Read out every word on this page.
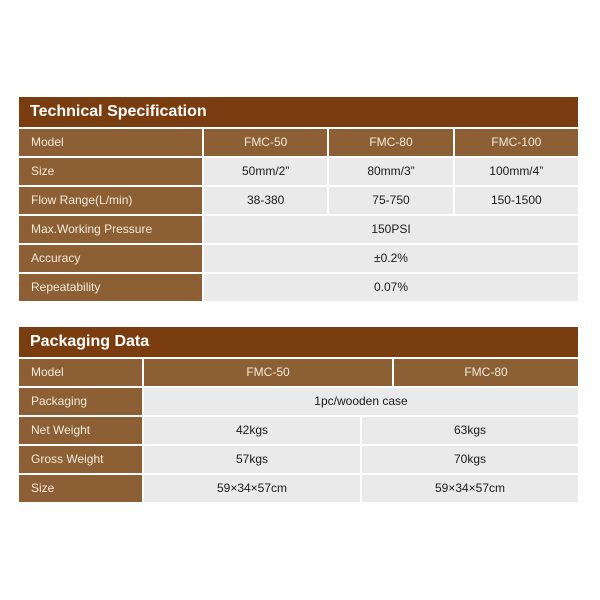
Technical Specification
Model	FMC-50	FMC-80	FMC-100
Size	50mm/2”	80mm/3”	100mm/4”
Flow Range(L/min)	38-380	75-750	150-1500
Max.Working Pressure	150PSI
Accuracy	±0.2%
Repeatability	0.07%
Packaging Data
Model	FMC-50	FMC-80
Packaging	1pc/wooden case
Net Weight	42kgs	63kgs
Gross Weight	57kgs	70kgs
Size	59×34×57cm	59×34×57cm
